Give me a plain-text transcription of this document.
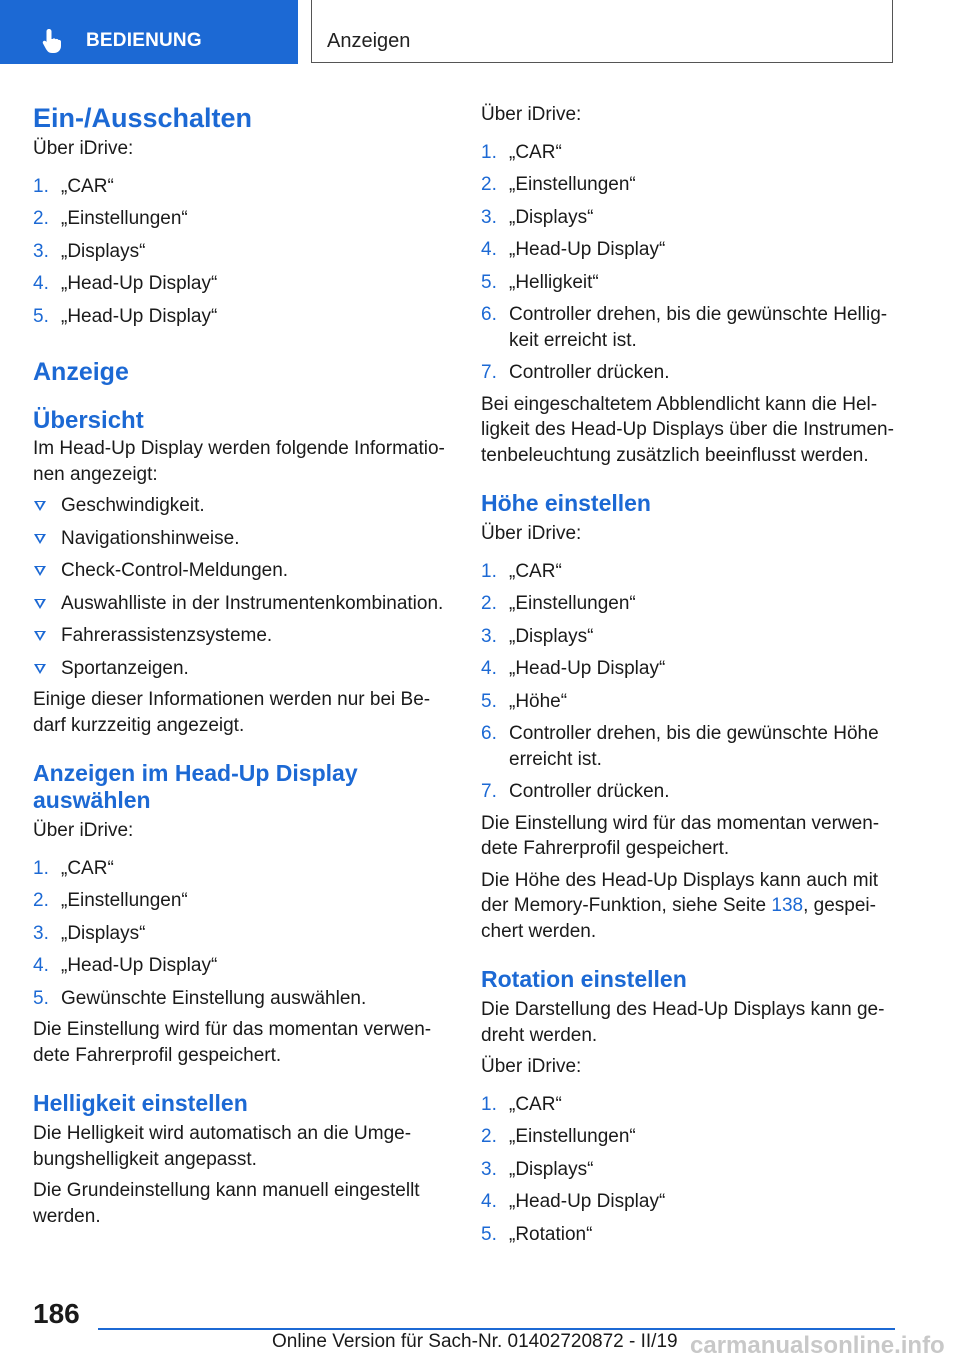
BEDIENUNG	Anzeigen
Ein-/Ausschalten

Über iDrive:

1. „CAR“
2. „Einstellungen“
3. „Displays“
4. „Head-Up Display“
5. „Head-Up Display“
Anzeige
Übersicht

Im Head-Up Display werden folgende Informatio-nen angezeigt:

Geschwindigkeit.
Navigationshinweise.
Check-Control-Meldungen.
Auswahlliste in der Instrumentenkombination.
Fahrerassistenzsysteme.
Sportanzeigen.

Einige dieser Informationen werden nur bei Be-darf kurzzeitig angezeigt.

Anzeigen im Head-Up Display auswählen

Über iDrive:

1. „CAR“
2. „Einstellungen“
3. „Displays“
4. „Head-Up Display“
5. Gewünschte Einstellung auswählen.

Die Einstellung wird für das momentan verwen-dete Fahrerprofil gespeichert.

Helligkeit einstellen

Die Helligkeit wird automatisch an die Umge-bungshelligkeit angepasst.

Die Grundeinstellung kann manuell eingestellt werden.

Über iDrive:

1. „CAR“
2. „Einstellungen“
3. „Displays“
4. „Head-Up Display“
5. „Helligkeit“
6. Controller drehen, bis die gewünschte Hellig-keit erreicht ist.
7. Controller drücken.

Bei eingeschaltetem Abblendlicht kann die Hel-ligkeit des Head-Up Displays über die Instrumen-tenbeleuchtung zusätzlich beeinflusst werden.

Höhe einstellen

Über iDrive:

1. „CAR“
2. „Einstellungen“
3. „Displays“
4. „Head-Up Display“
5. „Höhe“
6. Controller drehen, bis die gewünschte Höhe erreicht ist.
7. Controller drücken.

Die Einstellung wird für das momentan verwen-dete Fahrerprofil gespeichert.

Die Höhe des Head-Up Displays kann auch mit der Memory-Funktion, siehe Seite 138, gespei-chert werden.

Rotation einstellen

Die Darstellung des Head-Up Displays kann ge-dreht werden.

Über iDrive:

1. „CAR“
2. „Einstellungen“
3. „Displays“
4. „Head-Up Display“
5. „Rotation“
186
Online Version für Sach-Nr. 01402720872 - II/19 carmanualsonline.info
